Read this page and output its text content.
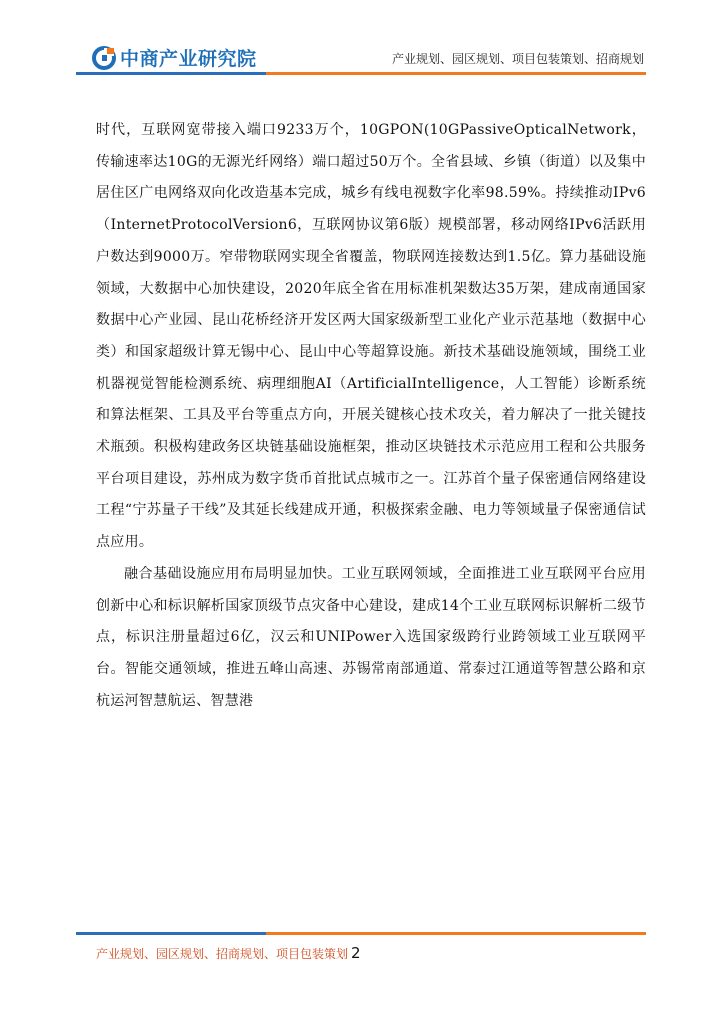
中商产业研究院	产业规划、园区规划、项目包装策划、招商规划

时代，互联网宽带接入端口9233万个，10GPON(10GPassiveOpticalNetwork，传输速率达10G的无源光纤网络）端口超过50万个。全省县域、乡镇（街道）以及集中居住区广电网络双向化改造基本完成，城乡有线电视数字化率98.59%。持续推动IPv6（InternetProtocolVersion6，互联网协议第6版）规模部署，移动网络IPv6活跃用户数达到9000万。窄带物联网实现全省覆盖，物联网连接数达到1.5亿。算力基础设施领域，大数据中心加快建设，2020年底全省在用标准机架数达35万架，建成南通国家数据中心产业园、昆山花桥经济开发区两大国家级新型工业化产业示范基地（数据中心类）和国家超级计算无锡中心、昆山中心等超算设施。新技术基础设施领域，围绕工业机器视觉智能检测系统、病理细胞AI（ArtificialIntelligence，人工智能）诊断系统和算法框架、工具及平台等重点方向，开展关键核心技术攻关，着力解决了一批关键技术瓶颈。积极构建政务区块链基础设施框架，推动区块链技术示范应用工程和公共服务平台项目建设，苏州成为数字货币首批试点城市之一。江苏首个量子保密通信网络建设工程“宁苏量子干线”及其延长线建成开通，积极探索金融、电力等领域量子保密通信试点应用。

融合基础设施应用布局明显加快。工业互联网领域，全面推进工业互联网平台应用创新中心和标识解析国家顶级节点灾备中心建设，建成14个工业互联网标识解析二级节点，标识注册量超过6亿，汉云和UNIPower入选国家级跨行业跨领域工业互联网平台。智能交通领域，推进五峰山高速、苏锡常南部通道、常泰过江通道等智慧公路和京杭运河智慧航运、智慧港

产业规划、园区规划、招商规划、项目包装策划 2
